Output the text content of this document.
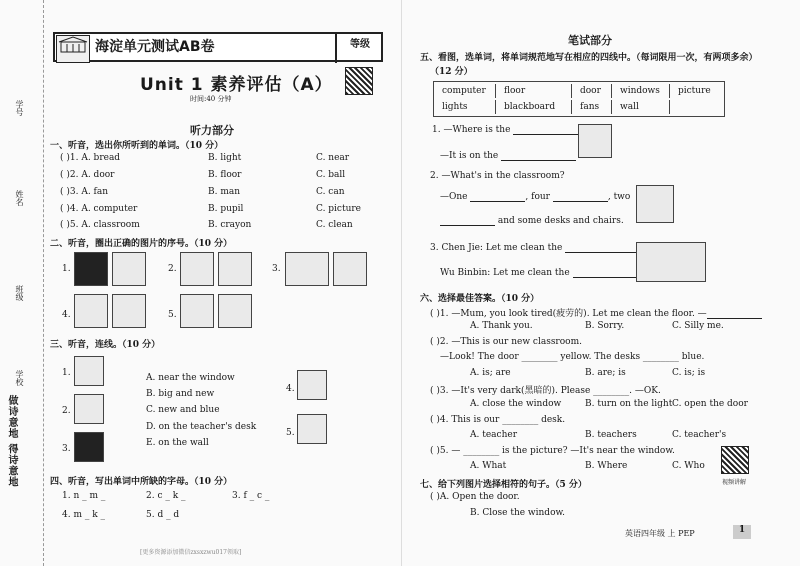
学号
姓名
班级
学校
做诗意地 得诗意地
海淀单元测试AB卷	等级
Unit 1 素养评估（A）
时间:40 分钟
听力部分
一、听音，选出你所听到的单词。（10 分）
( )1. A. bread	B. light	C. near
( )2. A. door	B. floor	C. ball
( )3. A. fan	B. man	C. can
( )4. A. computer	B. pupil	C. picture
( )5. A. classroom	B. crayon	C. clean
二、听音，圈出正确的图片的序号。（10 分）
1.	2.	3.
4.	5.
三、听音，连线。（10 分）
1.
2.
3.
A. near the window
B. big and new
C. new and blue
D. on the teacher's desk
E. on the wall
4.
5.
四、听音，写出单词中所缺的字母。（10 分）
1. n _ m _	2. c _ k _	3. f _ c _
4. m _ k _	5. d _ d
笔试部分
五、看图，选单词，将单词规范地写在相应的四线中。（每词限用一次，有两项多余）
（12 分）
computer	floor	door	windows	picture
lights	blackboard	fans	wall	
1. —Where is the
—It is on the
2. —What's in the classroom?
—One	, four	, two
and some desks and chairs.
3. Chen Jie: Let me clean the
Wu Binbin: Let me clean the
六、选择最佳答案。（10 分）
( )1. —Mum, you look tired(疲劳的). Let me clean the floor. —
A. Thank you.	B. Sorry.	C. Silly me.
( )2. —This is our new classroom.
—Look! The door ________ yellow. The desks ________ blue.
A. is; are	B. are; is	C. is; is
( )3. —It's very dark(黑暗的). Please ________. —OK.
A. close the window	B. turn on the light C. open the door
( )4. This is our ________ desk.
A. teacher	B. teachers	C. teacher's
( )5. — ________ is the picture? —It's near the window.
A. What	B. Where	C. Who
视频讲解
七、给下列图片选择相符的句子。（5 分）
( )A. Open the door.
B. Close the window.
英语四年级 上 PEP	1
[更多资源添加微信zxsxzwu017领取]
